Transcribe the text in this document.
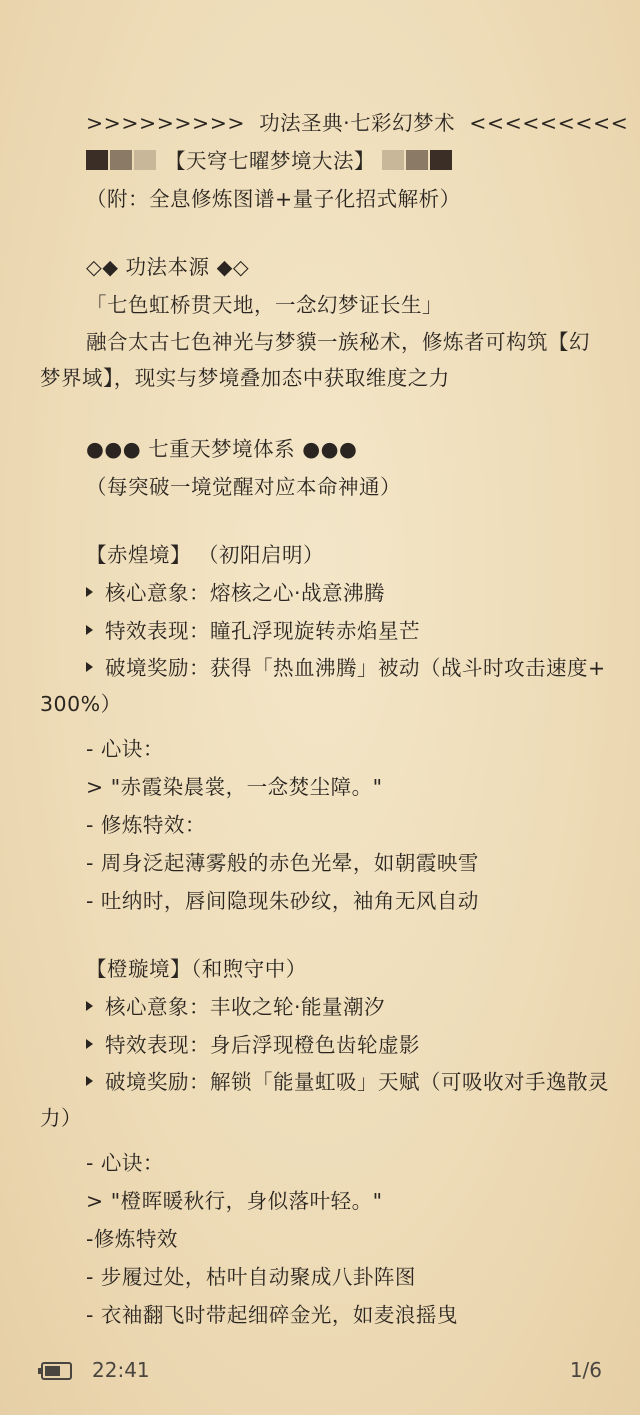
>>>>>>>>> 功法圣典·七彩幻梦术 <<<<<<<<<
【天穹七曜梦境大法】
（附：全息修炼图谱+量子化招式解析）
◇◆ 功法本源 ◆◇
「七色虹桥贯天地，一念幻梦证长生」
融合太古七色神光与梦貘一族秘术，修炼者可构筑【幻梦界域】，现实与梦境叠加态中获取维度之力
●●● 七重天梦境体系 ●●●
（每突破一境觉醒对应本命神通）
【赤煌境】 （初阳启明）
核心意象：熔核之心·战意沸腾
特效表现：瞳孔浮现旋转赤焰星芒
破境奖励：获得「热血沸腾」被动（战斗时攻击速度+300%）
- 心诀：
> "赤霞染晨裳，一念焚尘障。"
- 修炼特效：
- 周身泛起薄雾般的赤色光晕，如朝霞映雪
- 吐纳时，唇间隐现朱砂纹，袖角无风自动
【橙璇境】（和煦守中）
核心意象：丰收之轮·能量潮汐
特效表现：身后浮现橙色齿轮虚影
破境奖励：解锁「能量虹吸」天赋（可吸收对手逸散灵力）
- 心诀：
> "橙晖暖秋行，身似落叶轻。"
-修炼特效
- 步履过处，枯叶自动聚成八卦阵图
- 衣袖翻飞时带起细碎金光，如麦浪摇曳
22:41	1/6
